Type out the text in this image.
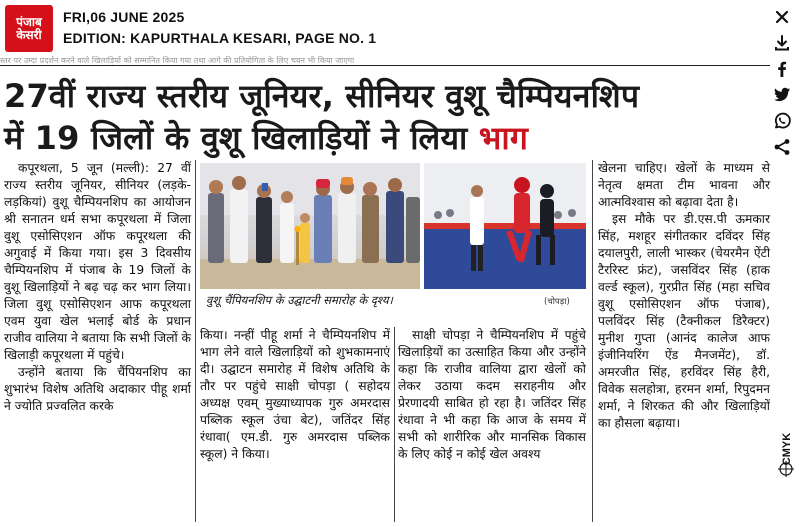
पंजाब
केसरी
FRI,06 JUNE 2025
EDITION: KAPURTHALA KESARI, PAGE NO. 1
स्तर पर उम्दा प्रदर्शन करने वाले खिलाड़ियों को सम्मानित किया गया तथा आगे की प्रतियोगिता के लिए चयन भी किया जाएगा
27वीं राज्य स्तरीय जूनियर, सीनियर वुशू चैम्पियनशिप
में 19 जिलों के वुशू खिलाड़ियों ने लिया भाग

कपूरथला, 5 जून (मल्ली): 27 वीं राज्य स्तरीय जूनियर, सीनियर (लड़के- लड़कियां) वुशू चैम्पियनशिप का आयोजन श्री सनातन धर्म सभा कपूरथला में जिला वुशू एसोसिएशन ऑफ कपूरथला की अगुवाई में किया गया। इस 3 दिवसीय चैम्पियनशिप में पंजाब के 19 जिलों के वुशू खिलाड़ियों ने बढ़ चढ़ कर भाग लिया। जिला वुशू एसोसिएशन आफ कपूरथला एवम युवा खेल भलाई बोर्ड के प्रधान राजीव वालिया ने बताया कि सभी जिलों के खिलाड़ी कपूरथला में पहुंचे।

उन्होंने बताया कि चैंपियनशिप का शुभारंभ विशेष अतिथि अदाकार पीहू शर्मा ने ज्योति प्रज्वलित करके

वुशू चैंपियनशिप के उद्घाटनी समारोह के दृश्य।	(चोपड़ा)

किया। नन्हीं पीहू शर्मा ने चैम्पियनशिप में भाग लेने वाले खिलाड़ियों को शुभकामनाएं दी। उद्घाटन समारोह में विशेष अतिथि के तौर पर पहुंचे साक्षी चोपड़ा ( सहोदय अध्यक्ष एवम् मुख्याध्यापक गुरु अमरदास पब्लिक स्कूल उंचा बेट), जतिंदर सिंह रंधावा( एम.डी. गुरु अमरदास पब्लिक स्कूल) ने किया।

साक्षी चोपड़ा ने चैम्पियनशिप में पहुंचे खिलाड़ियों का उत्साहित किया और उन्होंने कहा कि राजीव वालिया द्वारा खेलों को लेकर उठाया कदम सराहनीय और प्रेरणादयी साबित हो रहा है। जतिंदर सिंह रंधावा ने भी कहा कि आज के समय में सभी को शारीरिक और मानसिक विकास के लिए कोई न कोई खेल अवश्य

खेलना चाहिए। खेलों के माध्यम से नेतृत्व क्षमता टीम भावना और आत्मविश्वास को बढ़ावा देता है।

इस मौके पर डी.एस.पी ऊमकार सिंह, मशहूर संगीतकार दविंदर सिंह दयालपुरी, लाली भास्कर (चेयरमैन ऐंटी टैररिस्ट फ्रंट), जसविंदर सिंह (हाक वर्ल्ड स्कूल), गुरप्रीत सिंह (महा सचिव वुशू एसोसिएशन ऑफ पंजाब), पलविंदर सिंह (टैक्नीकल डिरैक्टर) मुनीश गुप्ता (आनंद कालेज आफ इंजीनियरिंग ऐंड मैनजमेंट), डॉ. अमरजीत सिंह, हरविंदर सिंह हैरी, विवेक सलहोत्रा, हरमन शर्मा, रिपुदमन शर्मा, ने शिरकत की और खिलाड़ियों का हौसला बढ़ाया।

CMYK
